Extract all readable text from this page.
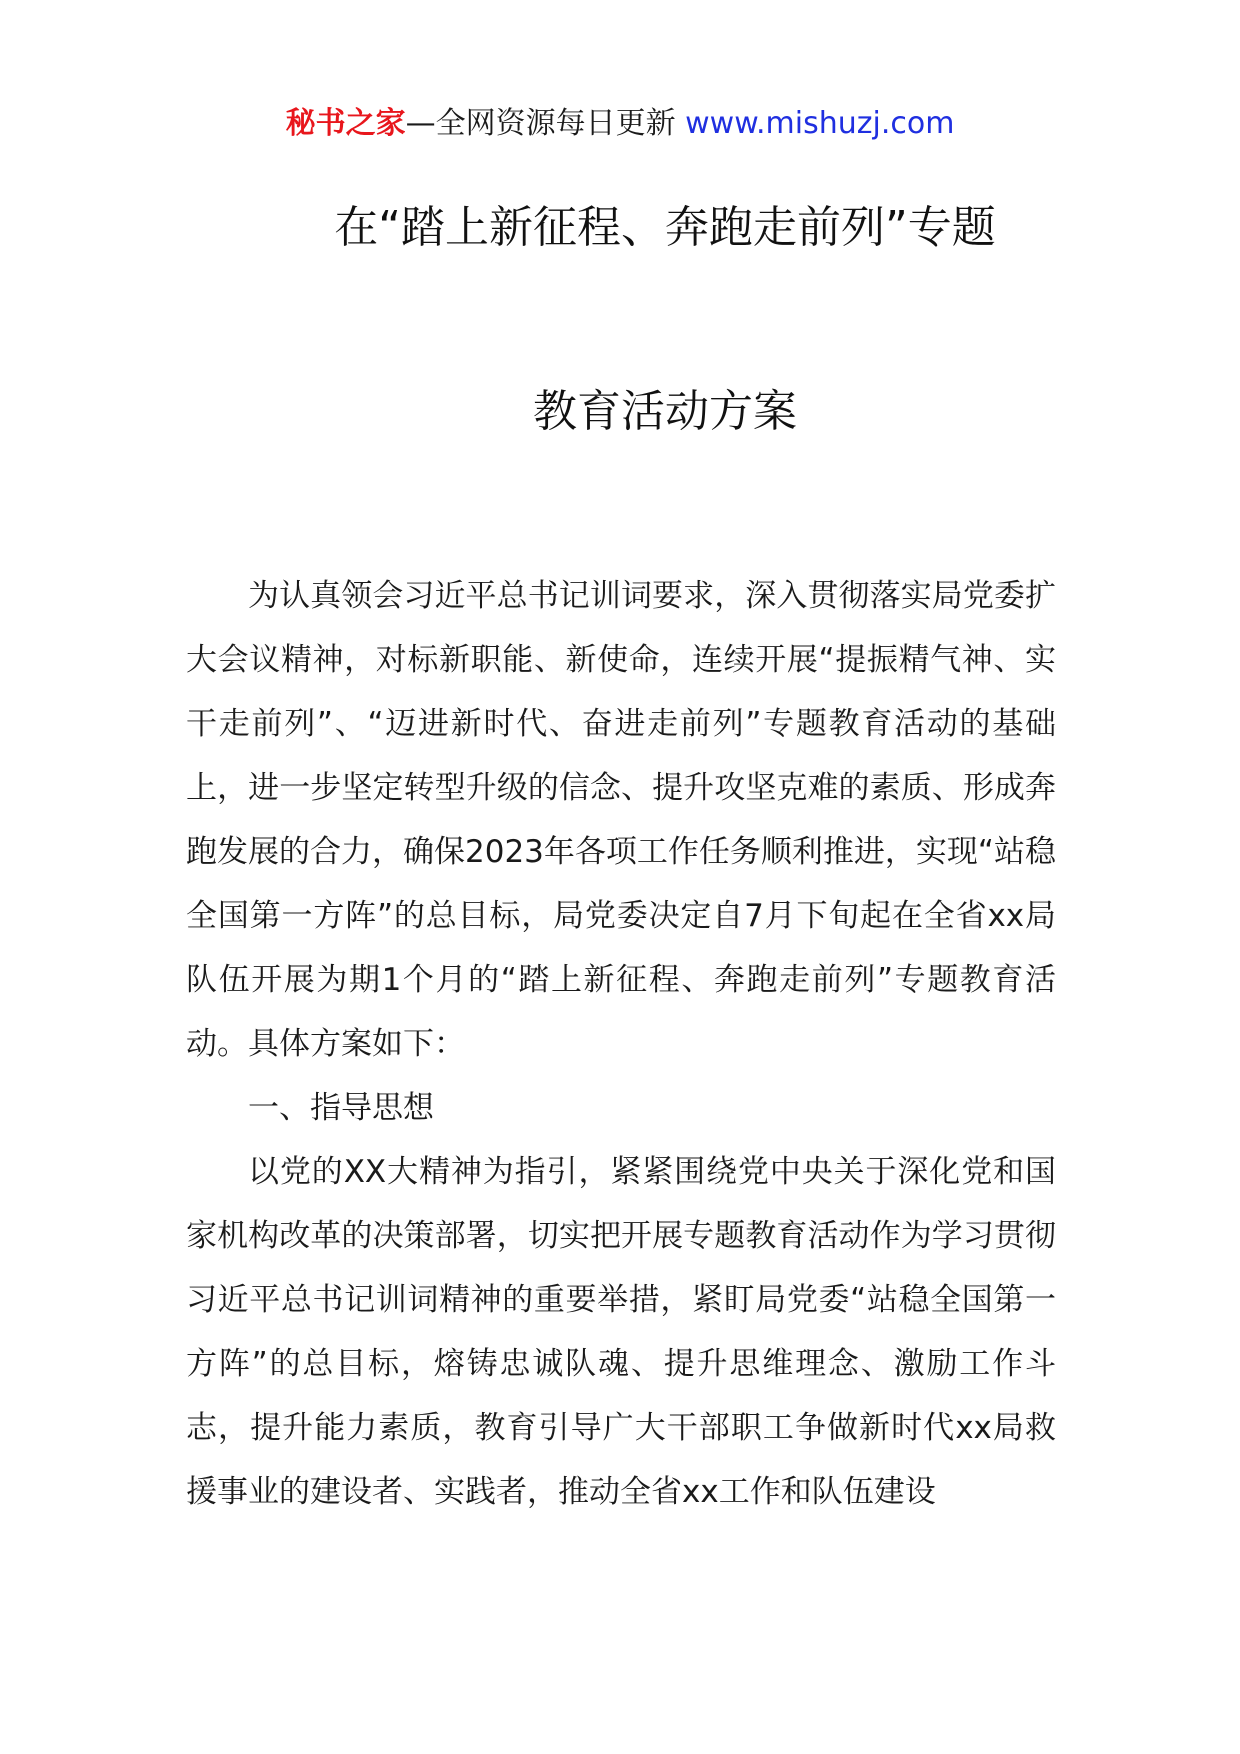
秘书之家—全网资源每日更新 www.mishuzj.com
在“踏上新征程、奔跑走前列”专题
教育活动方案

为认真领会习近平总书记训词要求，深入贯彻落实局党委扩大会议精神，对标新职能、新使命，连续开展“提振精气神、实干走前列”、“迈进新时代、奋进走前列”专题教育活动的基础上，进一步坚定转型升级的信念、提升攻坚克难的素质、形成奔跑发展的合力，确保2023年各项工作任务顺利推进，实现“站稳全国第一方阵”的总目标，局党委决定自7月下旬起在全省xx局队伍开展为期1个月的“踏上新征程、奔跑走前列”专题教育活动。具体方案如下：

一、指导思想

以党的XX大精神为指引，紧紧围绕党中央关于深化党和国家机构改革的决策部署，切实把开展专题教育活动作为学习贯彻习近平总书记训词精神的重要举措，紧盯局党委“站稳全国第一方阵”的总目标，熔铸忠诚队魂、提升思维理念、激励工作斗志，提升能力素质，教育引导广大干部职工争做新时代xx局救援事业的建设者、实践者，推动全省xx工作和队伍建设
